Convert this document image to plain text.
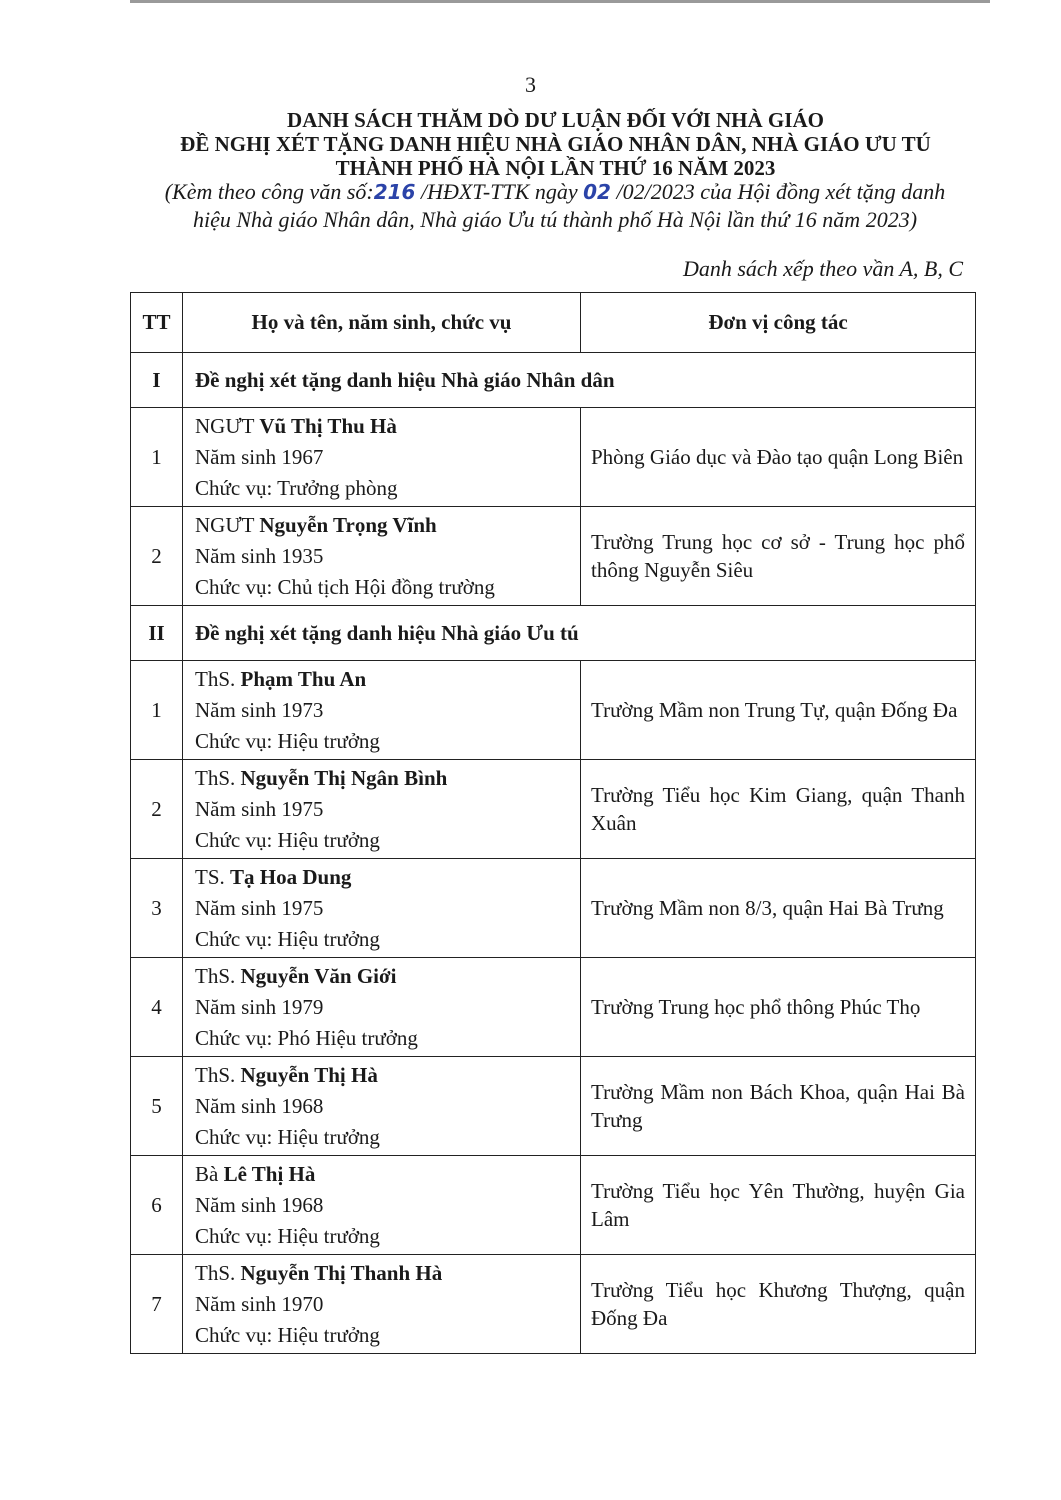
3
DANH SÁCH THĂM DÒ DƯ LUẬN ĐỐI VỚI NHÀ GIÁO
ĐỀ NGHỊ XÉT TẶNG DANH HIỆU NHÀ GIÁO NHÂN DÂN, NHÀ GIÁO ƯU TÚ
THÀNH PHỐ HÀ NỘI LẦN THỨ 16 NĂM 2023
(Kèm theo công văn số:216 /HĐXT-TTK ngày 02 /02/2023 của Hội đồng xét tặng danh
hiệu Nhà giáo Nhân dân, Nhà giáo Ưu tú thành phố Hà Nội lần thứ 16 năm 2023)
Danh sách xếp theo vần A, B, C
TT	Họ và tên, năm sinh, chức vụ	Đơn vị công tác
I	Đề nghị xét tặng danh hiệu Nhà giáo Nhân dân	
1	NGƯT Vũ Thị Thu Hà
Năm sinh 1967
Chức vụ: Trưởng phòng	Phòng Giáo dục và Đào tạo quận Long Biên
2	NGƯT Nguyễn Trọng Vĩnh
Năm sinh 1935
Chức vụ: Chủ tịch Hội đồng trường	Trường Trung học cơ sở - Trung học phổ thông Nguyễn Siêu
II	Đề nghị xét tặng danh hiệu Nhà giáo Ưu tú	
1	ThS. Phạm Thu An
Năm sinh 1973
Chức vụ: Hiệu trưởng	Trường Mầm non Trung Tự, quận Đống Đa
2	ThS. Nguyễn Thị Ngân Bình
Năm sinh 1975
Chức vụ: Hiệu trưởng	Trường Tiểu học Kim Giang, quận Thanh Xuân
3	TS. Tạ Hoa Dung
Năm sinh 1975
Chức vụ: Hiệu trưởng	Trường Mầm non 8/3, quận Hai Bà Trưng
4	ThS. Nguyễn Văn Giới
Năm sinh 1979
Chức vụ: Phó Hiệu trưởng	Trường Trung học phổ thông Phúc Thọ
5	ThS. Nguyễn Thị Hà
Năm sinh 1968
Chức vụ: Hiệu trưởng	Trường Mầm non Bách Khoa, quận Hai Bà Trưng
6	Bà Lê Thị Hà
Năm sinh 1968
Chức vụ: Hiệu trưởng	Trường Tiểu học Yên Thường, huyện Gia Lâm
7	ThS. Nguyễn Thị Thanh Hà
Năm sinh 1970
Chức vụ: Hiệu trưởng	Trường Tiểu học Khương Thượng, quận Đống Đa
